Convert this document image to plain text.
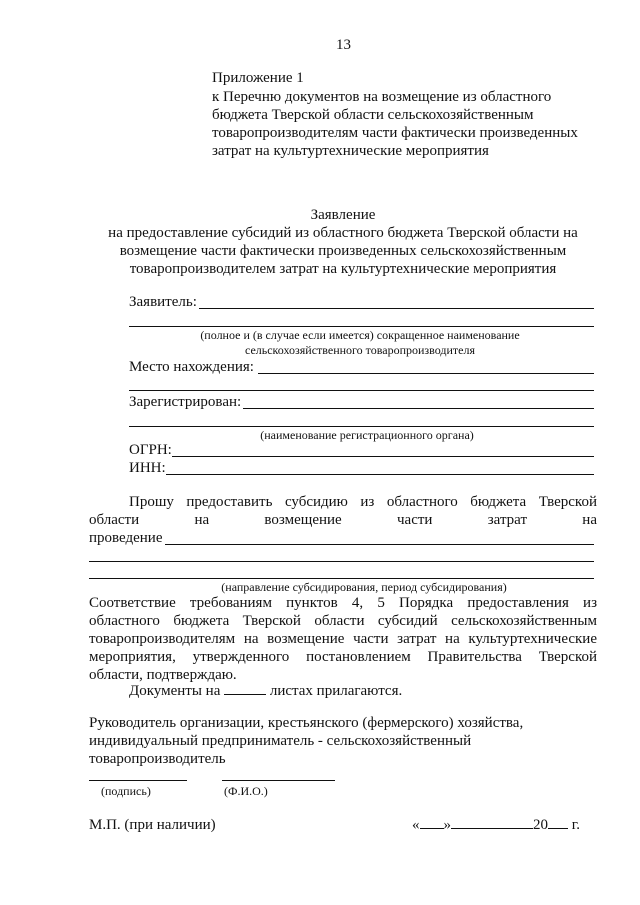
13
Приложение 1
к Перечню документов на возмещение из областного
бюджета Тверской области сельскохозяйственным
товаропроизводителям части фактически произведенных
затрат на культуртехнические мероприятия
Заявление
на предоставление субсидий из областного бюджета Тверской области на
возмещение части фактически произведенных сельскохозяйственным
товаропроизводителем затрат на культуртехнические мероприятия
Заявитель:
(полное и (в случае если имеется) сокращенное наименование
сельскохозяйственного товаропроизводителя
Место нахождения:
Зарегистрирован:
(наименование регистрационного органа)
ОГРН:
ИНН:
Прошу предоставить субсидию из областного бюджета Тверской
области на возмещение части затрат на
проведение
(направление субсидирования, период субсидирования)
Соответствие требованиям пунктов 4, 5 Порядка предоставления из
областного бюджета Тверской области субсидий сельскохозяйственным
товаропроизводителям на возмещение части затрат на культуртехнические
мероприятия, утвержденного постановлением Правительства Тверской
области, подтверждаю.
Документы на	листах прилагаются.
Руководитель организации, крестьянского (фермерского) хозяйства,
индивидуальный предприниматель - сельскохозяйственный
товаропроизводитель
(подпись)	(Ф.И.О.)
М.П. (при наличии)	« »	20 г.
